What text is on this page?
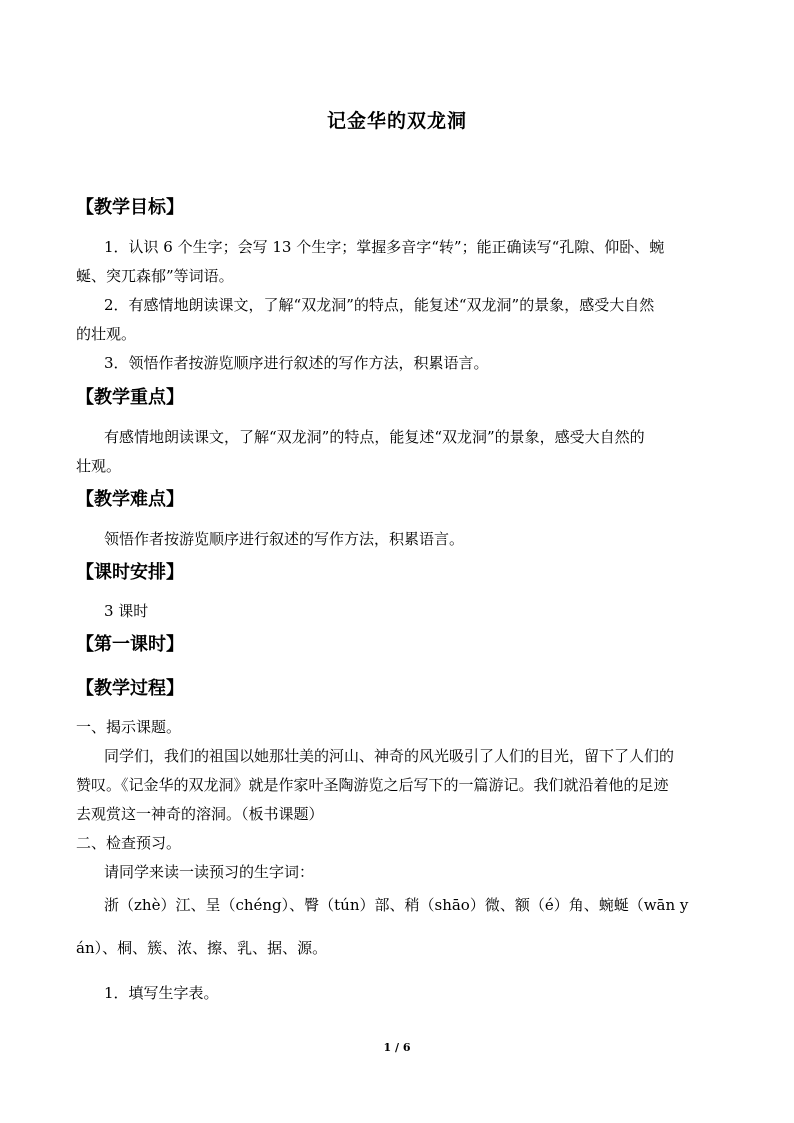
记金华的双龙洞
【教学目标】
1．认识 6 个生字；会写 13 个生字；掌握多音字“转”；能正确读写“孔隙、仰卧、蜿
蜒、突兀森郁”等词语。
2．有感情地朗读课文，了解“双龙洞”的特点，能复述“双龙洞”的景象，感受大自然
的壮观。
3．领悟作者按游览顺序进行叙述的写作方法，积累语言。
【教学重点】
有感情地朗读课文，了解“双龙洞”的特点，能复述“双龙洞”的景象，感受大自然的
壮观。
【教学难点】
领悟作者按游览顺序进行叙述的写作方法，积累语言。
【课时安排】
3 课时
【第一课时】
【教学过程】
一、揭示课题。
同学们，我们的祖国以她那壮美的河山、神奇的风光吸引了人们的目光，留下了人们的
赞叹。《记金华的双龙洞》就是作家叶圣陶游览之后写下的一篇游记。我们就沿着他的足迹
去观赏这一神奇的溶洞。（板书课题）
二、检查预习。
请同学来读一读预习的生字词：
浙（zhè）江、呈（chéng）、臀（tún）部、稍（shāo）微、额（é）角、蜿蜒（wān y
án）、桐、簇、浓、擦、乳、据、源。
1．填写生字表。
1 / 6
